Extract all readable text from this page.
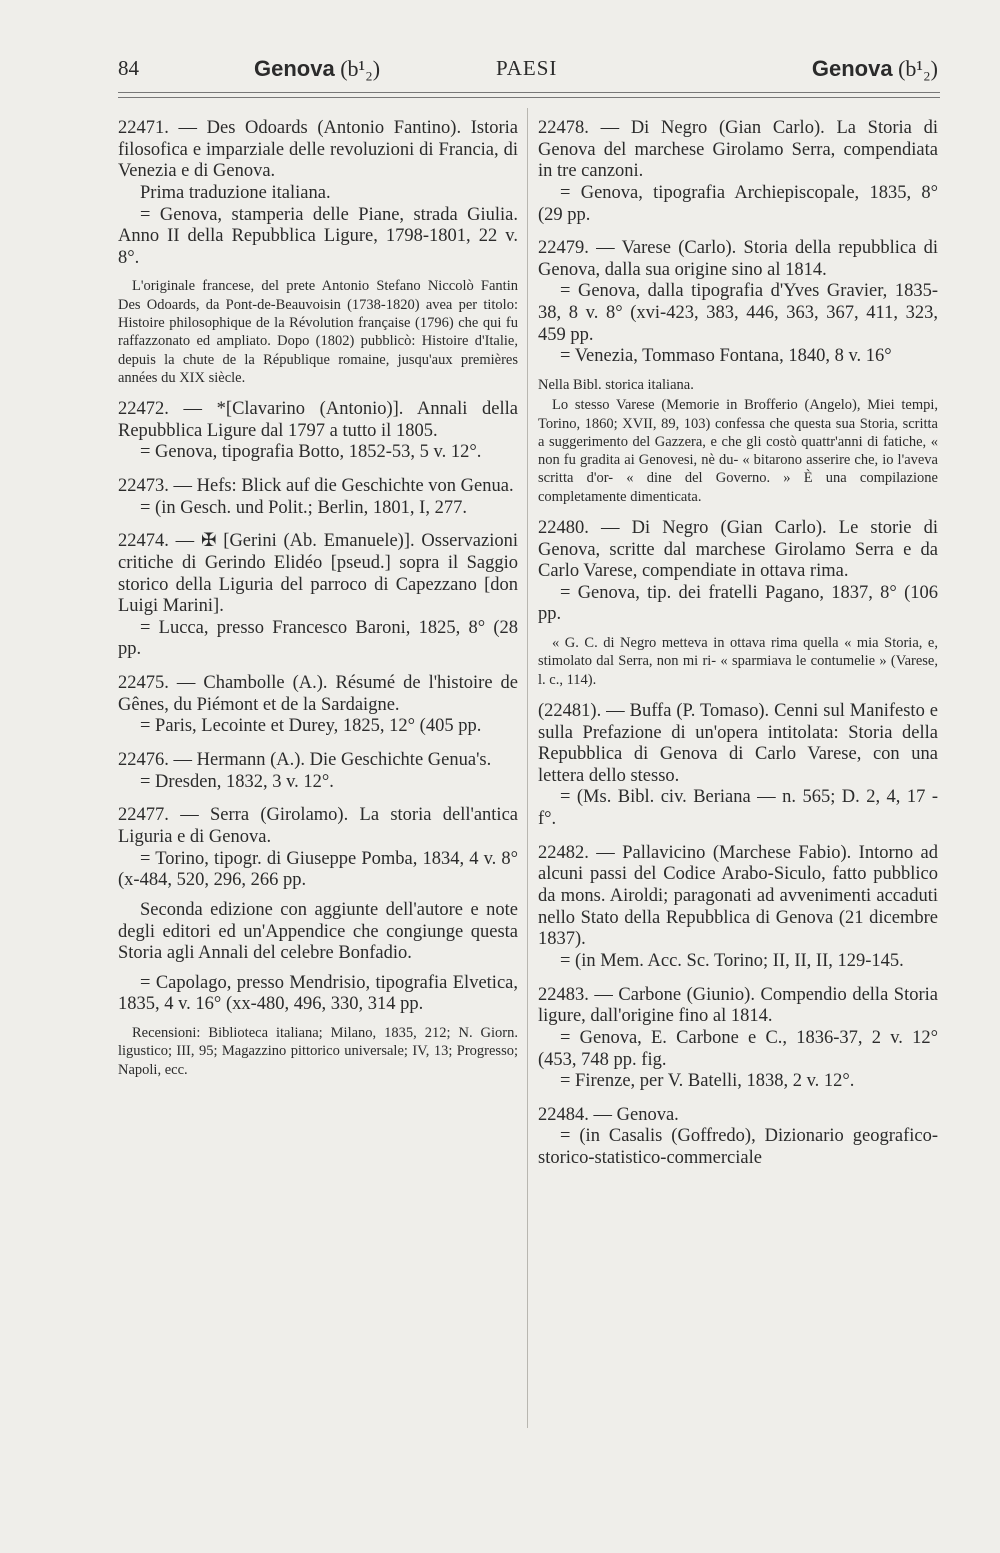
84	Genova (b¹₂)	PAESI	Genova (b¹₂)

22471. — Des Odoards (Antonio Fantino). Istoria filosofica e imparziale delle revoluzioni di Francia, di Venezia e di Genova.

Prima traduzione italiana.

= Genova, stamperia delle Piane, strada Giulia. Anno II della Repubblica Ligure, 1798-1801, 22 v. 8°.

L'originale francese, del prete Antonio Stefano Niccolò Fantin Des Odoards, da Pont-de-Beauvoisin (1738-1820) avea per titolo: Histoire philosophique de la Révolution française (1796) che qui fu raffazzonato ed ampliato. Dopo (1802) pubblicò: Histoire d'Italie, depuis la chute de la République romaine, jusqu'aux premières années du XIX siècle.

22472. — *[Clavarino (Antonio)]. Annali della Repubblica Ligure dal 1797 a tutto il 1805.

= Genova, tipografia Botto, 1852-53, 5 v. 12°.

22473. — Hefs: Blick auf die Geschichte von Genua.

= (in Gesch. und Polit.; Berlin, 1801, I, 277.

22474. — ✠ [Gerini (Ab. Emanuele)]. Osservazioni critiche di Gerindo Elidéo [pseud.] sopra il Saggio storico della Liguria del parroco di Capezzano [don Luigi Marini].

= Lucca, presso Francesco Baroni, 1825, 8° (28 pp.

22475. — Chambolle (A.). Résumé de l'histoire de Gênes, du Piémont et de la Sardaigne.

= Paris, Lecointe et Durey, 1825, 12° (405 pp.

22476. — Hermann (A.). Die Geschichte Genua's.

= Dresden, 1832, 3 v. 12°.

22477. — Serra (Girolamo). La storia dell'antica Liguria e di Genova.

= Torino, tipogr. di Giuseppe Pomba, 1834, 4 v. 8° (x-484, 520, 296, 266 pp.

Seconda edizione con aggiunte dell'autore e note degli editori ed un'Appendice che congiunge questa Storia agli Annali del celebre Bonfadio.

= Capolago, presso Mendrisio, tipografia Elvetica, 1835, 4 v. 16° (xx-480, 496, 330, 314 pp.

Recensioni: Biblioteca italiana; Milano, 1835, 212; N. Giorn. ligustico; III, 95; Magazzino pittorico universale; IV, 13; Progresso; Napoli, ecc.

22478. — Di Negro (Gian Carlo). La Storia di Genova del marchese Girolamo Serra, compendiata in tre canzoni.

= Genova, tipografia Archiepiscopale, 1835, 8° (29 pp.

22479. — Varese (Carlo). Storia della repubblica di Genova, dalla sua origine sino al 1814.

= Genova, dalla tipografia d'Yves Gravier, 1835-38, 8 v. 8° (xvi-423, 383, 446, 363, 367, 411, 323, 459 pp.

= Venezia, Tommaso Fontana, 1840, 8 v. 16°

Nella Bibl. storica italiana.

Lo stesso Varese (Memorie in Brofferio (Angelo), Miei tempi, Torino, 1860; XVII, 89, 103) confessa che questa sua Storia, scritta a suggerimento del Gazzera, e che gli costò quattr'anni di fatiche, « non fu gradita ai Genovesi, nè du- « bitarono asserire che, io l'aveva scritta d'or- « dine del Governo. » È una compilazione completamente dimenticata.

22480. — Di Negro (Gian Carlo). Le storie di Genova, scritte dal marchese Girolamo Serra e da Carlo Varese, compendiate in ottava rima.

= Genova, tip. dei fratelli Pagano, 1837, 8° (106 pp.

« G. C. di Negro metteva in ottava rima quella « mia Storia, e, stimolato dal Serra, non mi ri- « sparmiava le contumelie » (Varese, l. c., 114).

(22481). — Buffa (P. Tomaso). Cenni sul Manifesto e sulla Prefazione di un'opera intitolata: Storia della Repubblica di Genova di Carlo Varese, con una lettera dello stesso.

= (Ms. Bibl. civ. Beriana — n. 565; D. 2, 4, 17 - f°.

22482. — Pallavicino (Marchese Fabio). Intorno ad alcuni passi del Codice Arabo-Siculo, fatto pubblico da mons. Airoldi; paragonati ad avvenimenti accaduti nello Stato della Repubblica di Genova (21 dicembre 1837).

= (in Mem. Acc. Sc. Torino; II, II, II, 129-145.

22483. — Carbone (Giunio). Compendio della Storia ligure, dall'origine fino al 1814.

= Genova, E. Carbone e C., 1836-37, 2 v. 12° (453, 748 pp. fig.

= Firenze, per V. Batelli, 1838, 2 v. 12°.

22484. — Genova.

= (in Casalis (Goffredo), Dizionario geografico-storico-statistico-commerciale
